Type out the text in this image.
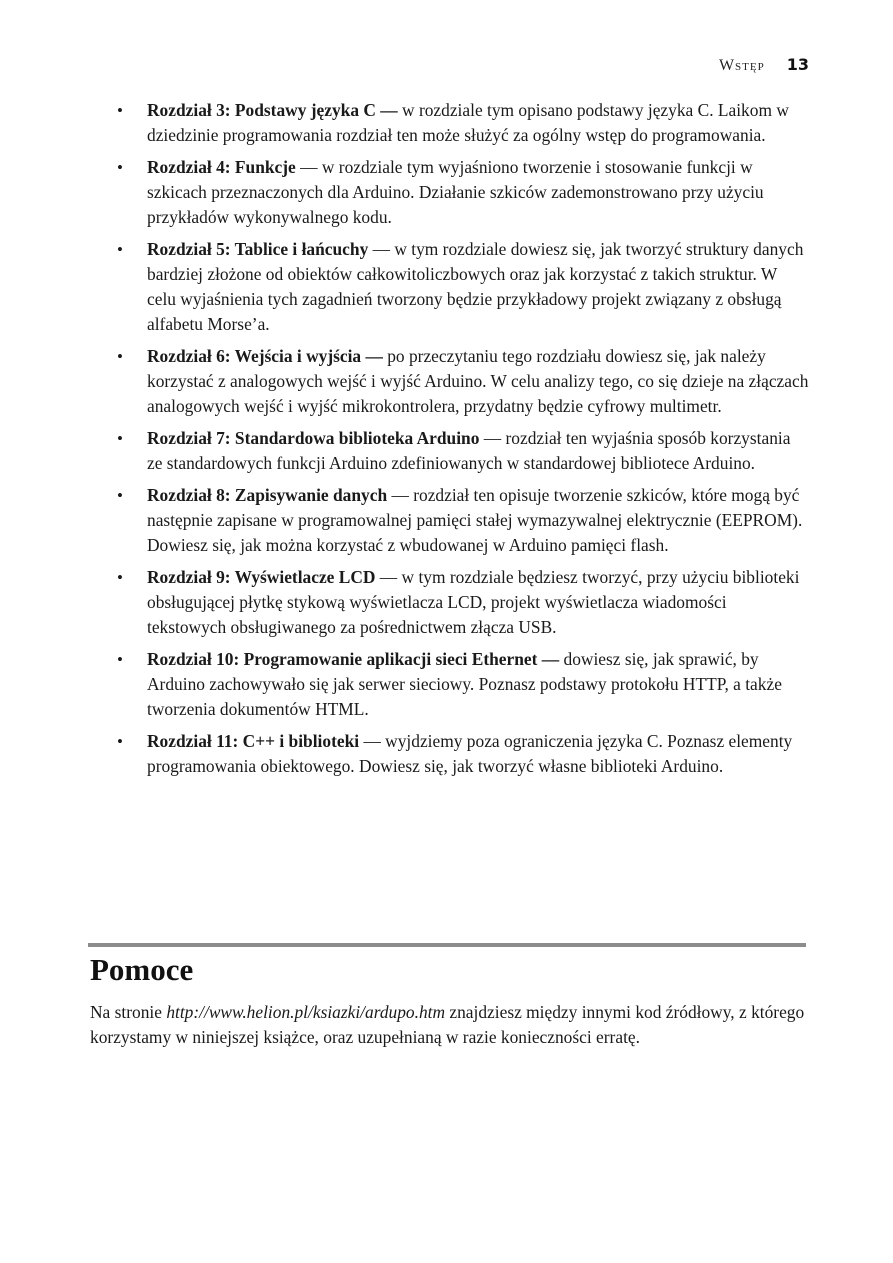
Wstęp 13
• Rozdział 3: Podstawy języka C — w rozdziale tym opisano podstawy języka C. Laikom w dziedzinie programowania rozdział ten może służyć za ogólny wstęp do programowania.
• Rozdział 4: Funkcje — w rozdziale tym wyjaśniono tworzenie i stosowanie funkcji w szkicach przeznaczonych dla Arduino. Działanie szkiców zademonstrowano przy użyciu przykładów wykonywalnego kodu.
• Rozdział 5: Tablice i łańcuchy — w tym rozdziale dowiesz się, jak tworzyć struktury danych bardziej złożone od obiektów całkowitoliczbowych oraz jak korzystać z takich struktur. W celu wyjaśnienia tych zagadnień tworzony będzie przykładowy projekt związany z obsługą alfabetu Morse’a.
• Rozdział 6: Wejścia i wyjścia — po przeczytaniu tego rozdziału dowiesz się, jak należy korzystać z analogowych wejść i wyjść Arduino. W celu analizy tego, co się dzieje na złączach analogowych wejść i wyjść mikrokontrolera, przydatny będzie cyfrowy multimetr.
• Rozdział 7: Standardowa biblioteka Arduino — rozdział ten wyjaśnia sposób korzystania ze standardowych funkcji Arduino zdefiniowanych w standardowej bibliotece Arduino.
• Rozdział 8: Zapisywanie danych — rozdział ten opisuje tworzenie szkiców, które mogą być następnie zapisane w programowalnej pamięci stałej wymazywalnej elektrycznie (EEPROM). Dowiesz się, jak można korzystać z wbudowanej w Arduino pamięci flash.
• Rozdział 9: Wyświetlacze LCD — w tym rozdziale będziesz tworzyć, przy użyciu biblioteki obsługującej płytkę stykową wyświetlacza LCD, projekt wyświetlacza wiadomości tekstowych obsługiwanego za pośrednictwem złącza USB.
• Rozdział 10: Programowanie aplikacji sieci Ethernet — dowiesz się, jak sprawić, by Arduino zachowywało się jak serwer sieciowy. Poznasz podstawy protokołu HTTP, a także tworzenia dokumentów HTML.
• Rozdział 11: C++ i biblioteki — wyjdziemy poza ograniczenia języka C. Poznasz elementy programowania obiektowego. Dowiesz się, jak tworzyć własne biblioteki Arduino.
Pomoce

Na stronie http://www.helion.pl/ksiazki/ardupo.htm znajdziesz między innymi kod źródłowy, z którego korzystamy w niniejszej książce, oraz uzupełnianą w razie konieczności erratę.
